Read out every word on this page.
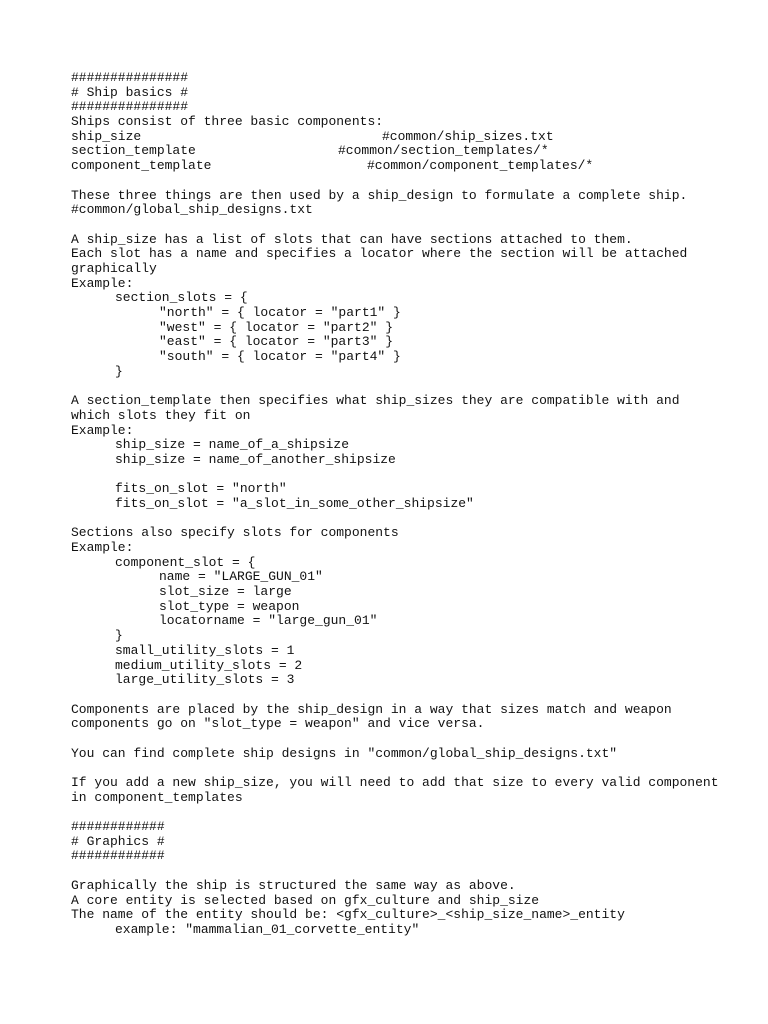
###############
# Ship basics #
###############
Ships consist of three basic components:
ship_size	#common/ship_sizes.txt
section_template	#common/section_templates/*
component_template	#common/component_templates/*
These three things are then used by a ship_design to formulate a complete ship.
#common/global_ship_designs.txt
A ship_size has a list of slots that can have sections attached to them.
Each slot has a name and specifies a locator where the section will be attached
graphically
Example:
section_slots = {
"north" = { locator = "part1" }
"west" = { locator = "part2" }
"east" = { locator = "part3" }
"south" = { locator = "part4" }
}
A section_template then specifies what ship_sizes they are compatible with and
which slots they fit on
Example:
ship_size = name_of_a_shipsize
ship_size = name_of_another_shipsize
fits_on_slot = "north"
fits_on_slot = "a_slot_in_some_other_shipsize"
Sections also specify slots for components
Example:
component_slot = {
name = "LARGE_GUN_01"
slot_size = large
slot_type = weapon
locatorname = "large_gun_01"
}
small_utility_slots = 1
medium_utility_slots = 2
large_utility_slots = 3
Components are placed by the ship_design in a way that sizes match and weapon
components go on "slot_type = weapon" and vice versa.
You can find complete ship designs in "common/global_ship_designs.txt"
If you add a new ship_size, you will need to add that size to every valid component
in component_templates
############
# Graphics #
############
Graphically the ship is structured the same way as above.
A core entity is selected based on gfx_culture and ship_size
The name of the entity should be: <gfx_culture>_<ship_size_name>_entity
example: "mammalian_01_corvette_entity"
